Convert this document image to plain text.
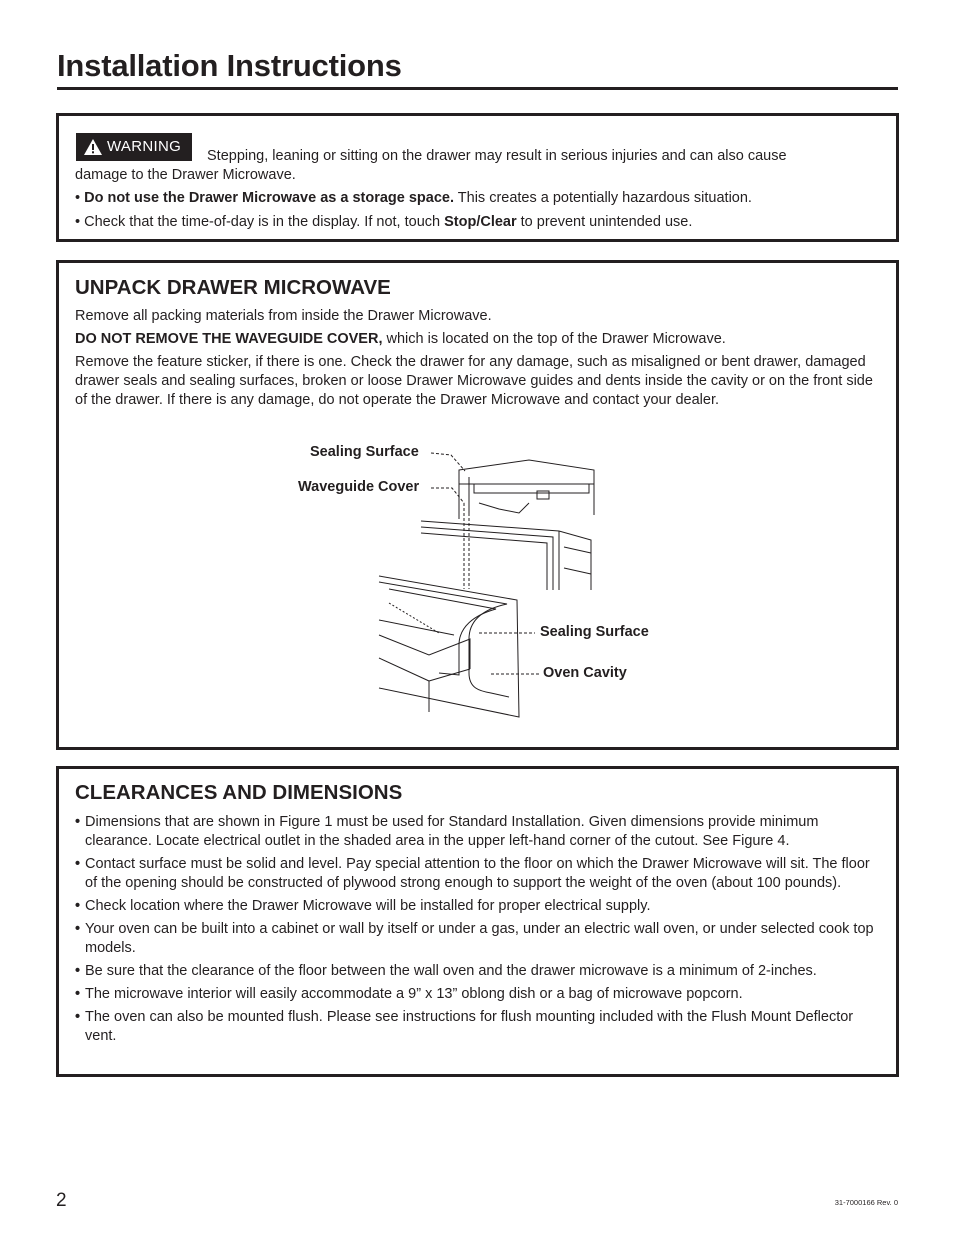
Installation Instructions
WARNING

Stepping, leaning or sitting on the drawer may result in serious injuries and can also cause

damage to the Drawer Microwave.

• Do not use the Drawer Microwave as a storage space. This creates a potentially hazardous situation.

• Check that the time-of-day is in the display. If not, touch Stop/Clear to prevent unintended use.

UNPACK DRAWER MICROWAVE

Remove all packing materials from inside the Drawer Microwave.

DO NOT REMOVE THE WAVEGUIDE COVER, which is located on the top of the Drawer Microwave.

Remove the feature sticker, if there is one. Check the drawer for any damage, such as misaligned or bent drawer, damaged drawer seals and sealing surfaces, broken or loose Drawer Microwave guides and dents inside the cavity or on the front side of the drawer. If there is any damage, do not operate the Drawer Microwave and contact your dealer.

Sealing Surface
Waveguide Cover
Sealing Surface
Oven Cavity
CLEARANCES AND DIMENSIONS

• Dimensions that are shown in Figure 1 must be used for Standard Installation. Given dimensions provide minimum clearance. Locate electrical outlet in the shaded area in the upper left-hand corner of the cutout. See Figure 4.

• Contact surface must be solid and level. Pay special attention to the floor on which the Drawer Microwave will sit. The floor of the opening should be constructed of plywood strong enough to support the weight of the oven (about 100 pounds).

• Check location where the Drawer Microwave will be installed for proper electrical supply.

• Your oven can be built into a cabinet or wall by itself or under a gas, under an electric wall oven, or under selected cook top models.

• Be sure that the clearance of the floor between the wall oven and the drawer microwave is a minimum of 2-inches.

• The microwave interior will easily accommodate a 9” x 13” oblong dish or a bag of microwave popcorn.

• The oven can also be mounted flush. Please see instructions for flush mounting included with the Flush Mount Deflector vent.

2	31-7000166 Rev. 0
